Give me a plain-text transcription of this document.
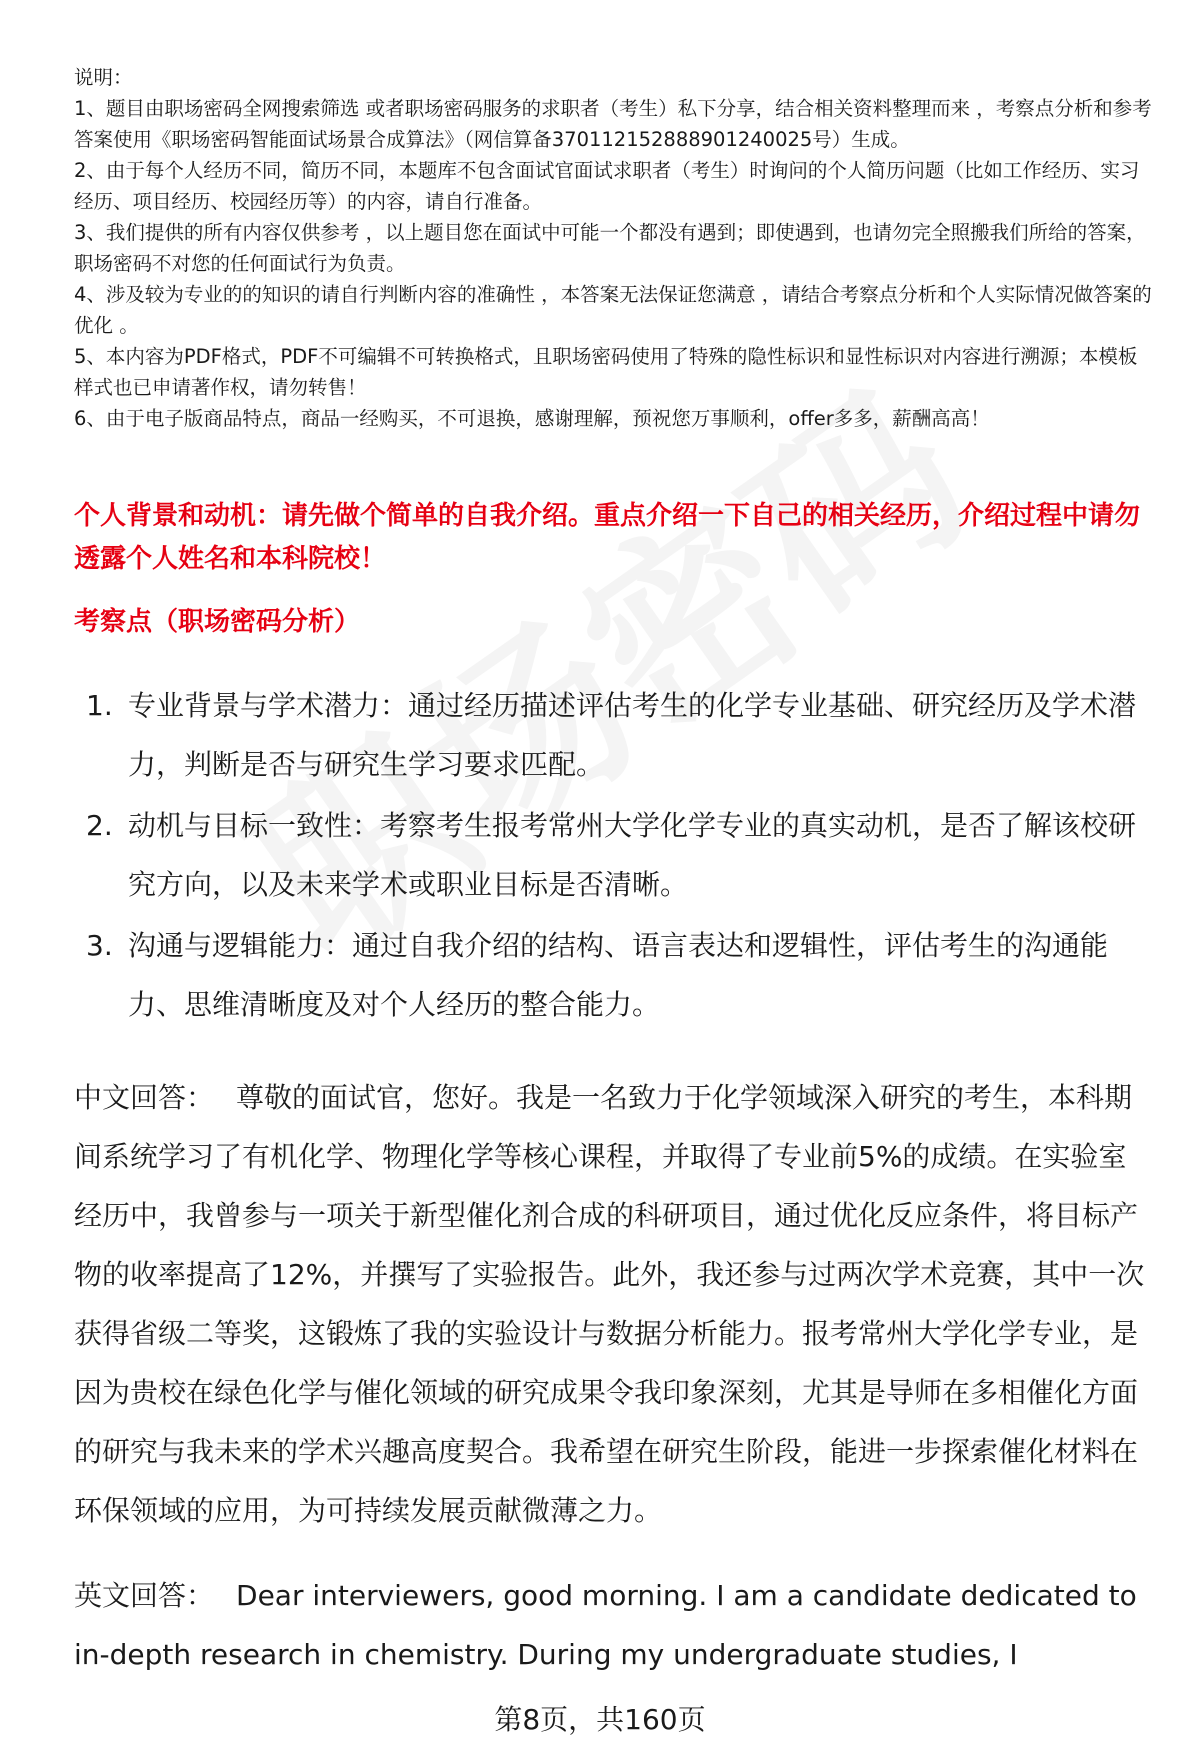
说明：

1、题目由职场密码全网搜索筛选 或者职场密码服务的求职者（考生）私下分享，结合相关资料整理而来 ，考察点分析和参考答案使用《职场密码智能面试场景合成算法》（网信算备370112152888901240025号）生成。

2、由于每个人经历不同，简历不同，本题库不包含面试官面试求职者（考生）时询问的个人简历问题（比如工作经历、实习经历、项目经历、校园经历等）的内容，请自行准备。

3、我们提供的所有内容仅供参考 ，以上题目您在面试中可能一个都没有遇到；即使遇到，也请勿完全照搬我们所给的答案，职场密码不对您的任何面试行为负责。

4、涉及较为专业的的知识的请自行判断内容的准确性 ，本答案无法保证您满意 ，请结合考察点分析和个人实际情况做答案的优化 。

5、本内容为PDF格式，PDF不可编辑不可转换格式，且职场密码使用了特殊的隐性标识和显性标识对内容进行溯源；本模板样式也已申请著作权，请勿转售！

6、由于电子版商品特点，商品一经购买，不可退换，感谢理解，预祝您万事顺利，offer多多，薪酬高高！

个人背景和动机：请先做个简单的自我介绍。重点介绍一下自己的相关经历，介绍过程中请勿透露个人姓名和本科院校！
考察点（职场密码分析）
1. 专业背景与学术潜力：通过经历描述评估考生的化学专业基础、研究经历及学术潜力，判断是否与研究生学习要求匹配。
2. 动机与目标一致性：考察考生报考常州大学化学专业的真实动机，是否了解该校研究方向，以及未来学术或职业目标是否清晰。
3. 沟通与逻辑能力：通过自我介绍的结构、语言表达和逻辑性，评估考生的沟通能力、思维清晰度及对个人经历的整合能力。

中文回答： 尊敬的面试官，您好。我是一名致力于化学领域深入研究的考生，本科期间系统学习了有机化学、物理化学等核心课程，并取得了专业前5%的成绩。在实验室经历中，我曾参与一项关于新型催化剂合成的科研项目，通过优化反应条件，将目标产物的收率提高了12%，并撰写了实验报告。此外，我还参与过两次学术竞赛，其中一次获得省级二等奖，这锻炼了我的实验设计与数据分析能力。报考常州大学化学专业，是因为贵校在绿色化学与催化领域的研究成果令我印象深刻，尤其是导师在多相催化方面的研究与我未来的学术兴趣高度契合。我希望在研究生阶段，能进一步探索催化材料在环保领域的应用，为可持续发展贡献微薄之力。

英文回答： Dear interviewers, good morning. I am a candidate dedicated to in-depth research in chemistry. During my undergraduate studies, I

第8页，共160页
